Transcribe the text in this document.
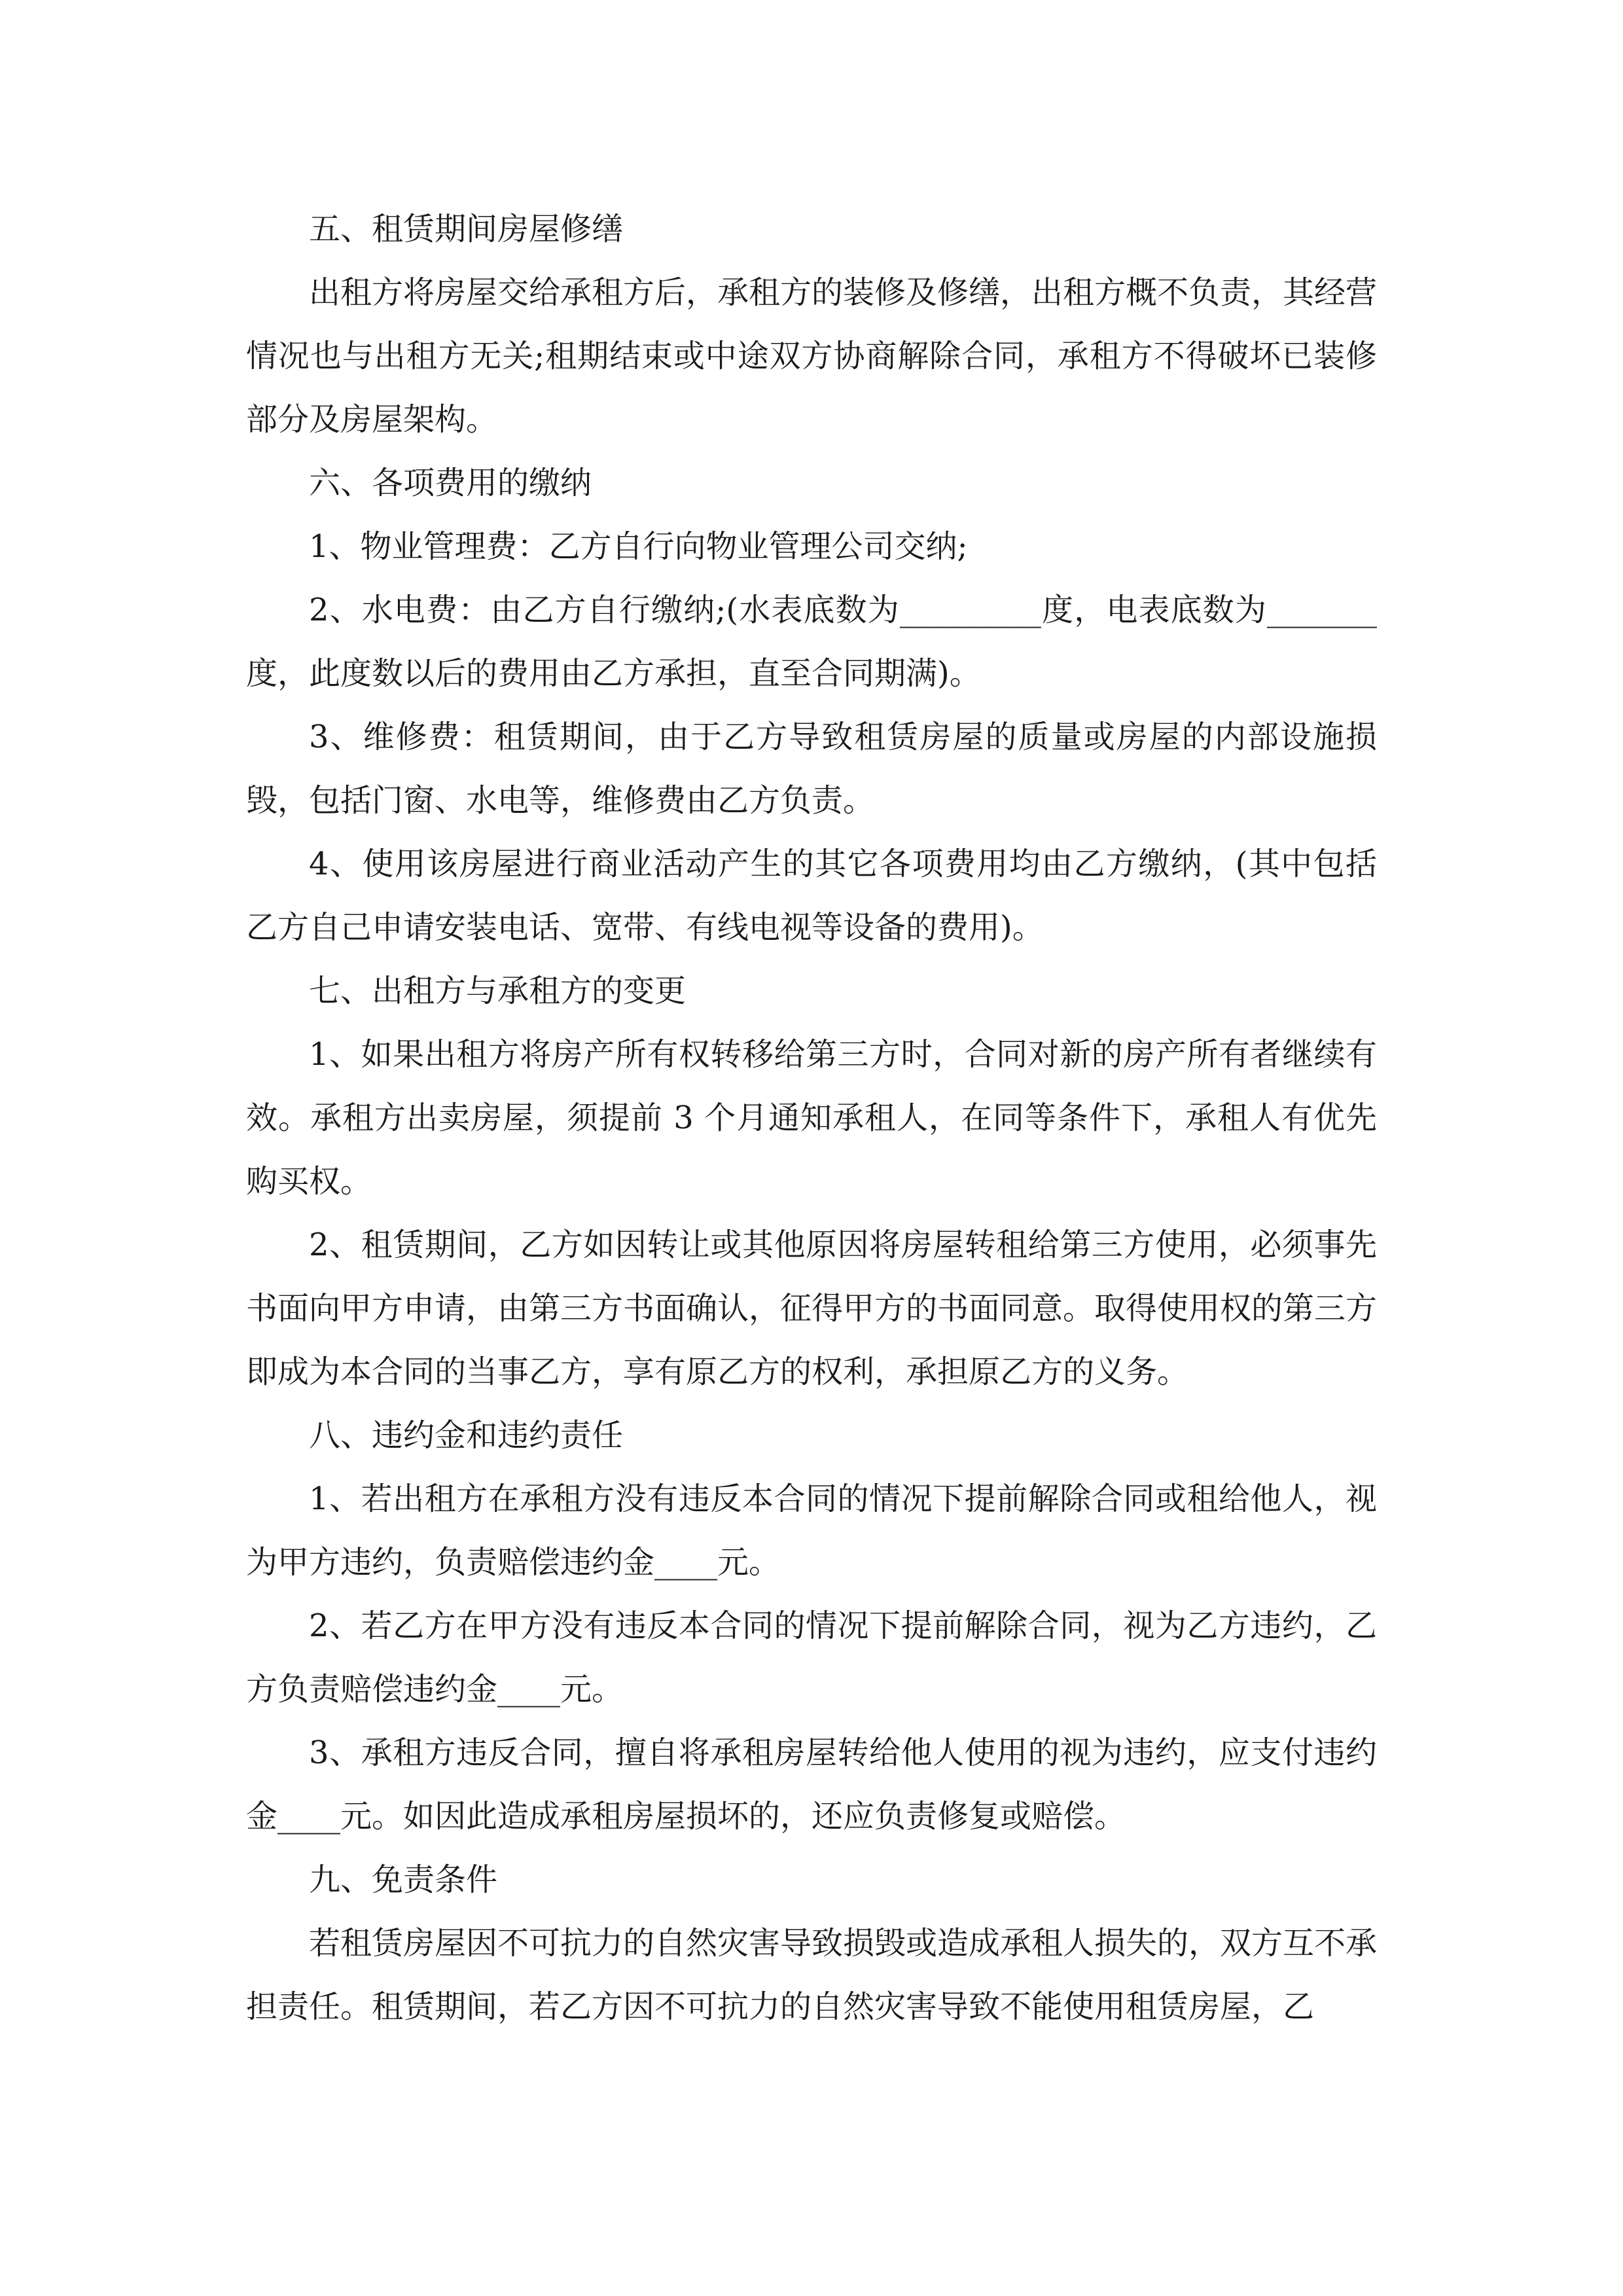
五、租赁期间房屋修缮

出租方将房屋交给承租方后，承租方的装修及修缮，出租方概不负责，其经营情况也与出租方无关;租期结束或中途双方协商解除合同，承租方不得破坏已装修部分及房屋架构。

六、各项费用的缴纳

1、物业管理费：乙方自行向物业管理公司交纳;

2、水电费：由乙方自行缴纳;(水表底数为_________度，电表底数为_______度，此度数以后的费用由乙方承担，直至合同期满)。

3、维修费：租赁期间，由于乙方导致租赁房屋的质量或房屋的内部设施损毁，包括门窗、水电等，维修费由乙方负责。

4、使用该房屋进行商业活动产生的其它各项费用均由乙方缴纳，(其中包括乙方自己申请安装电话、宽带、有线电视等设备的费用)。

七、出租方与承租方的变更

1、如果出租方将房产所有权转移给第三方时，合同对新的房产所有者继续有效。承租方出卖房屋，须提前 3 个月通知承租人，在同等条件下，承租人有优先购买权。

2、租赁期间，乙方如因转让或其他原因将房屋转租给第三方使用，必须事先书面向甲方申请，由第三方书面确认，征得甲方的书面同意。取得使用权的第三方即成为本合同的当事乙方，享有原乙方的权利，承担原乙方的义务。

八、违约金和违约责任

1、若出租方在承租方没有违反本合同的情况下提前解除合同或租给他人，视为甲方违约，负责赔偿违约金____元。

2、若乙方在甲方没有违反本合同的情况下提前解除合同，视为乙方违约，乙方负责赔偿违约金____元。

3、承租方违反合同，擅自将承租房屋转给他人使用的视为违约，应支付违约金____元。如因此造成承租房屋损坏的，还应负责修复或赔偿。

九、免责条件

若租赁房屋因不可抗力的自然灾害导致损毁或造成承租人损失的，双方互不承担责任。租赁期间，若乙方因不可抗力的自然灾害导致不能使用租赁房屋，乙
